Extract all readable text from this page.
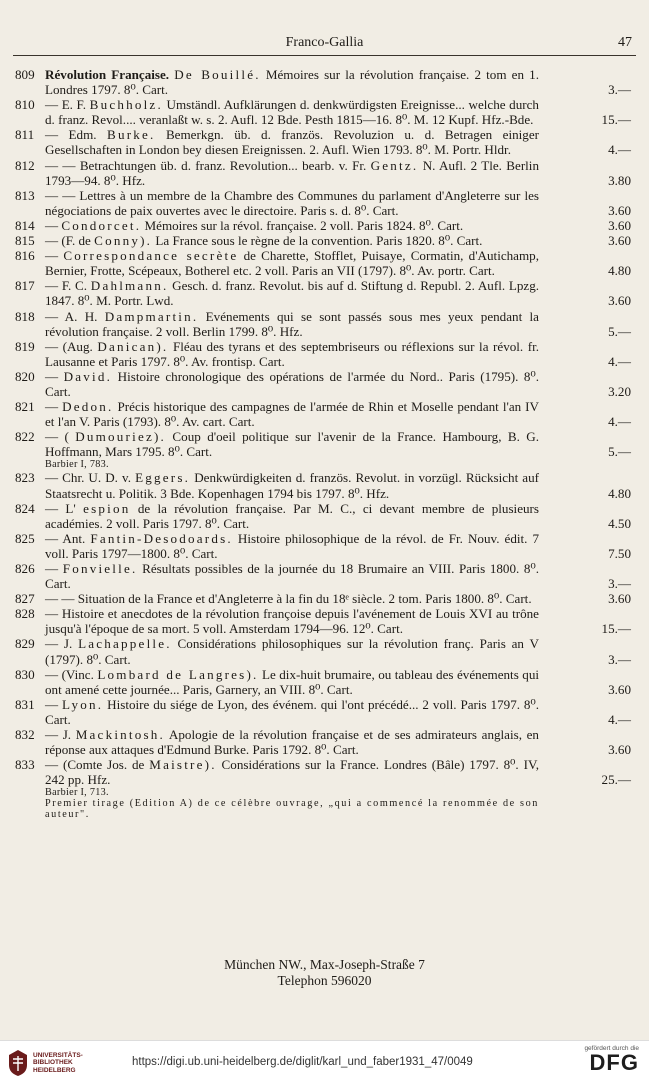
Franco-Gallia	47
809 Révolution Française. De Bouillé. Mémoires sur la révolution française. 2 tom en 1. Londres 1797. 8⁰. Cart.	3.—
810 — E. F. Buchholz. Umständl. Aufklärungen d. denkwürdigsten Ereignisse... welche durch d. franz. Revol.... veranlaßt w. s. 2. Aufl. 12 Bde. Pesth 1815—16. 8⁰. M. 12 Kupf. Hfz.-Bde.	15.—
811 — Edm. Burke. Bemerkgn. üb. d. französ. Revoluzion u. d. Betragen einiger Gesellschaften in London bey diesen Ereignissen. 2. Aufl. Wien 1793. 8⁰. M. Portr. Hldr.	4.—
812 — — Betrachtungen üb. d. franz. Revolution... bearb. v. Fr. Gentz. N. Aufl. 2 Tle. Berlin 1793—94. 8⁰. Hfz.	3.80
813 — — Lettres à un membre de la Chambre des Communes du parlament d'Angleterre sur les négociations de paix ouvertes avec le directoire. Paris s. d. 8⁰. Cart.	3.60
814 — Condorcet. Mémoires sur la révol. française. 2 voll. Paris 1824. 8⁰. Cart.	3.60
815 — (F. de Conny). La France sous le règne de la convention. Paris 1820. 8⁰. Cart.	3.60
816 — Correspondance secrète de Charette, Stofflet, Puisaye, Cormatin, d'Autichamp, Bernier, Frotte, Scépeaux, Botherel etc. 2 voll. Paris an VII (1797). 8⁰. Av. portr. Cart.	4.80
817 — F. C. Dahlmann. Gesch. d. franz. Revolut. bis auf d. Stiftung d. Republ. 2. Aufl. Lpzg. 1847. 8⁰. M. Portr. Lwd.	3.60
818 — A. H. Dampmartin. Evénements qui se sont passés sous mes yeux pendant la révolution française. 2 voll. Berlin 1799. 8⁰. Hfz.	5.—
819 — (Aug. Danican). Fléau des tyrans et des septembriseurs ou réflexions sur la révol. fr. Lausanne et Paris 1797. 8⁰. Av. frontisp. Cart.	4.—
820 — David. Histoire chronologique des opérations de l'armée du Nord.. Paris (1795). 8⁰. Cart.	3.20
821 — Dedon. Précis historique des campagnes de l'armée de Rhin et Moselle pendant l'an IV et l'an V. Paris (1793). 8⁰. Av. cart. Cart.	4.—
822 — ( Dumouriez). Coup d'oeil politique sur l'avenir de la France. Hambourg, B. G. Hoffmann, Mars 1795. 8⁰. Cart.	5.—
Barbier I, 783.
823 — Chr. U. D. v. Eggers. Denkwürdigkeiten d. französ. Revolut. in vorzügl. Rücksicht auf Staatsrecht u. Politik. 3 Bde. Kopenhagen 1794 bis 1797. 8⁰. Hfz.	4.80
824 — L' espion de la révolution française. Par M. C., ci devant membre de plusieurs académies. 2 voll. Paris 1797. 8⁰. Cart.	4.50
825 — Ant. Fantin-Desodoards. Histoire philosophique de la révol. de Fr. Nouv. édit. 7 voll. Paris 1797—1800. 8⁰. Cart.	7.50
826 — Fonvielle. Résultats possibles de la journée du 18 Brumaire an VIII. Paris 1800. 8⁰. Cart.	3.—
827 — — Situation de la France et d'Angleterre à la fin du 18ᵉ siècle. 2 tom. Paris 1800. 8⁰. Cart.	3.60
828 — Histoire et anecdotes de la révolution françoise depuis l'avénement de Louis XVI au trône jusqu'à l'époque de sa mort. 5 voll. Amsterdam 1794—96. 12⁰. Cart.	15.—
829 — J. Lachappelle. Considérations philosophiques sur la révolution franç. Paris an V (1797). 8⁰. Cart.	3.—
830 — (Vinc. Lombard de Langres). Le dix-huit brumaire, ou tableau des événements qui ont amené cette journée... Paris, Garnery, an VIII. 8⁰. Cart.	3.60
831 — Lyon. Histoire du siége de Lyon, des événem. qui l'ont précédé... 2 voll. Paris 1797. 8⁰. Cart.	4.—
832 — J. Mackintosh. Apologie de la révolution française et de ses admirateurs anglais, en réponse aux attaques d'Edmund Burke. Paris 1792. 8⁰. Cart.	3.60
833 — (Comte Jos. de Maistre). Considérations sur la France. Londres (Bâle) 1797. 8⁰. IV, 242 pp. Hfz.	25.—
Barbier I, 713.
Premier tirage (Edition A) de ce célèbre ouvrage, „qui a commencé la renommée de son auteur".
München NW., Max-Joseph-Straße 7
Telephon 596020
UNIVERSITÄTS-
BIBLIOTHEK
HEIDELBERG
https://digi.ub.uni-heidelberg.de/diglit/karl_und_faber1931_47/0049
gefördert durch die
DFG
